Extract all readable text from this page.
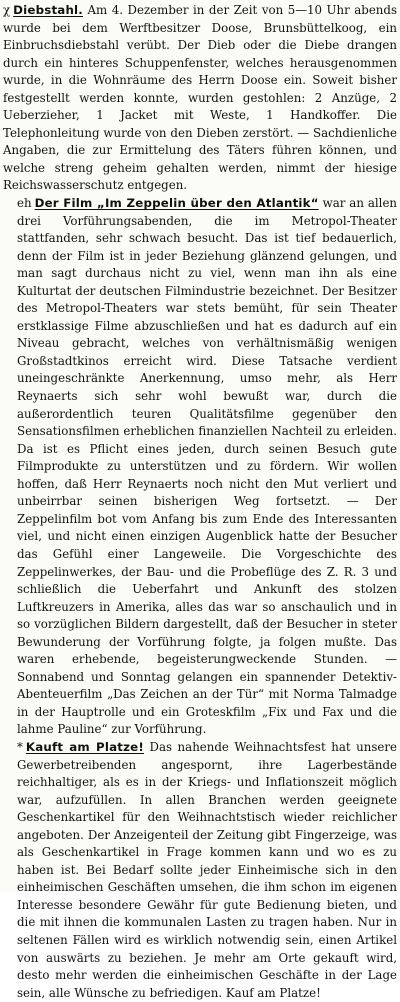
χ Diebstahl. Am 4. Dezember in der Zeit von 5—10 Uhr abends wurde bei dem Werftbesitzer Doose, Brunsbüttelkoog, ein Einbruchsdiebstahl verübt. Der Dieb oder die Diebe drangen durch ein hinteres Schuppenfenster, welches herausgenommen wurde, in die Wohnräume des Herrn Doose ein. Soweit bisher festgestellt werden konnte, wurden gestohlen: 2 Anzüge, 2 Ueberzieher, 1 Jacket mit Weste, 1 Handkoffer. Die Telephonleitung wurde von den Dieben zerstört. — Sachdienliche Angaben, die zur Ermittelung des Täters führen können, und welche streng geheim gehalten werden, nimmt der hiesige Reichswasserschutz entgegen.

eh Der Film „Im Zeppelin über den Atlantik“ war an allen drei Vorführungsabenden, die im Metropol-Theater stattfanden, sehr schwach besucht. Das ist tief bedauerlich, denn der Film ist in jeder Beziehung glänzend gelungen, und man sagt durchaus nicht zu viel, wenn man ihn als eine Kulturtat der deutschen Filmindustrie bezeichnet. Der Besitzer des Metropol-Theaters war stets bemüht, für sein Theater erstklassige Filme abzuschließen und hat es dadurch auf ein Niveau gebracht, welches von verhältnismäßig wenigen Großstadtkinos erreicht wird. Diese Tatsache verdient uneingeschränkte Anerkennung, umso mehr, als Herr Reynaerts sich sehr wohl bewußt war, durch die außerordentlich teuren Qualitätsfilme gegenüber den Sensationsfilmen erheblichen finanziellen Nachteil zu erleiden. Da ist es Pflicht eines jeden, durch seinen Besuch gute Filmprodukte zu unterstützen und zu fördern. Wir wollen hoffen, daß Herr Reynaerts noch nicht den Mut verliert und unbeirrbar seinen bisherigen Weg fortsetzt. — Der Zeppelinfilm bot vom Anfang bis zum Ende des Interessanten viel, und nicht einen einzigen Augenblick hatte der Besucher das Gefühl einer Langeweile. Die Vorgeschichte des Zeppelinwerkes, der Bau- und die Probeflüge des Z. R. 3 und schließlich die Ueberfahrt und Ankunft des stolzen Luftkreuzers in Amerika, alles das war so anschaulich und in so vorzüglichen Bildern dargestellt, daß der Besucher in steter Bewunderung der Vorführung folgte, ja folgen mußte. Das waren erhebende, begeisterungweckende Stunden. — Sonnabend und Sonntag gelangen ein spannender Detektiv-Abenteuerfilm „Das Zeichen an der Tür“ mit Norma Talmadge in der Hauptrolle und ein Groteskfilm „Fix und Fax und die lahme Pauline“ zur Vorführung.

* Kauft am Platze! Das nahende Weihnachtsfest hat unsere Gewerbetreibenden angespornt, ihre Lagerbestände reichhaltiger, als es in der Kriegs- und Inflationszeit möglich war, aufzufüllen. In allen Branchen werden geeignete Geschenkartikel für den Weihnachtstisch wieder reichlicher angeboten. Der Anzeigenteil der Zeitung gibt Fingerzeige, was als Geschenkartikel in Frage kommen kann und wo es zu haben ist. Bei Bedarf sollte jeder Einheimische sich in den einheimischen Geschäften umsehen, die ihm schon im eigenen Interesse besondere Gewähr für gute Bedienung bieten, und die mit ihnen die kommunalen Lasten zu tragen haben. Nur in seltenen Fällen wird es wirklich notwendig sein, einen Artikel von auswärts zu beziehen. Je mehr am Orte gekauft wird, desto mehr werden die einheimischen Geschäfte in der Lage sein, alle Wünsche zu befriedigen. Kauf am Platze!
